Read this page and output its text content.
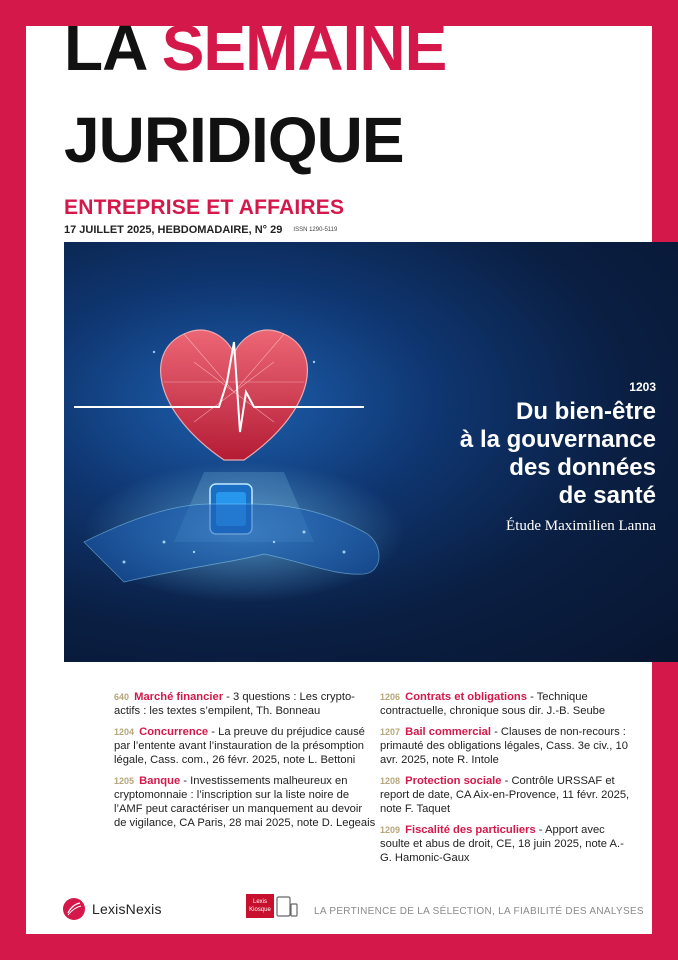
LA SEMAINE
JURIDIQUE
ENTREPRISE ET AFFAIRES
17 JUILLET 2025, HEBDOMADAIRE, N° 29 ISSN 1290-5119
1203
Du bien-être
à la gouvernance
des données
de santé
Étude Maximilien Lanna
640 Marché financier - 3 questions : Les crypto-actifs : les textes s’empilent, Th. Bonneau
1204 Concurrence - La preuve du préjudice causé par l’entente avant l’instauration de la présomption légale, Cass. com., 26 févr. 2025, note L. Bettoni
1205 Banque - Investissements malheureux en cryptomonnaie : l’inscription sur la liste noire de l’AMF peut caractériser un manquement au devoir de vigilance, CA Paris, 28 mai 2025, note D. Legeais
1206 Contrats et obligations - Technique contractuelle, chronique sous dir. J.-B. Seube
1207 Bail commercial - Clauses de non-recours : primauté des obligations légales, Cass. 3e civ., 10 avr. 2025, note R. Intole
1208 Protection sociale - Contrôle URSSAF et report de date, CA Aix-en-Provence, 11 févr. 2025, note F. Taquet
1209 Fiscalité des particuliers - Apport avec soulte et abus de droit, CE, 18 juin 2025, note A.-G. Hamonic-Gaux
LexisNexis	Lexis
Kiosque	LA PERTINENCE DE LA SÉLECTION, LA FIABILITÉ DES ANALYSES
